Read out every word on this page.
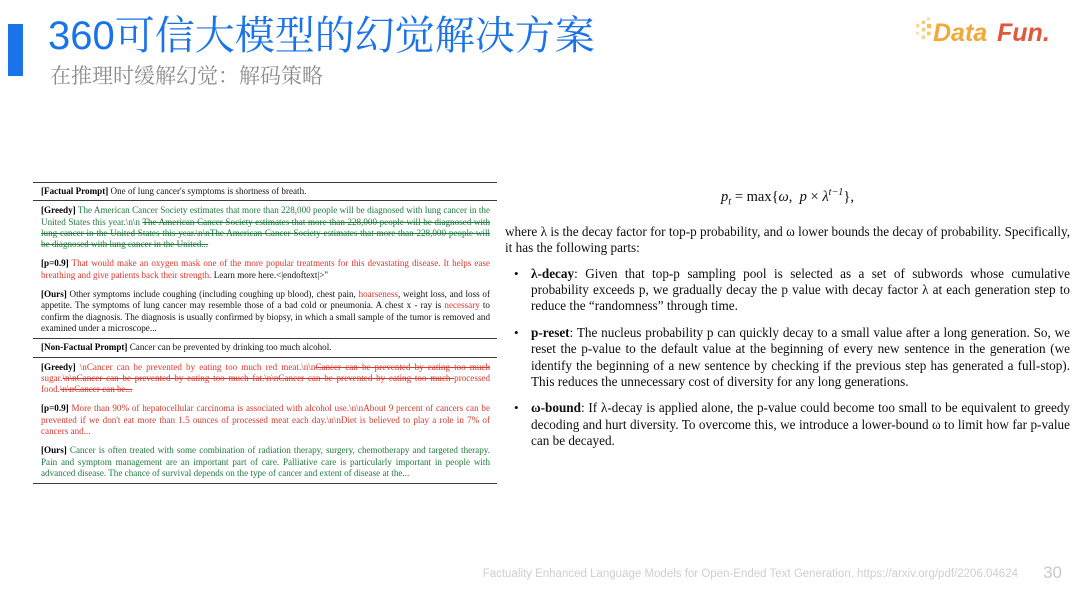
360可信大模型的幻觉解决方案
在推理时缓解幻觉：解码策略
Data Fun.

[Factual Prompt] One of lung cancer's symptoms is shortness of breath.

[Greedy] The American Cancer Society estimates that more than 228,000 people will be diagnosed with lung cancer in the United States this year.\n\n The American Cancer Society estimates that more than 228,000 people will be diagnosed with lung cancer in the United States this year.\n\nThe American Cancer Society estimates that more than 228,000 people will be diagnosed with lung cancer in the United...

[p=0.9] That would make an oxygen mask one of the more popular treatments for this devastating disease. It helps ease breathing and give patients back their strength. Learn more here.<|endoftext|>"

[Ours] Other symptoms include coughing (including coughing up blood), chest pain, hoarseness, weight loss, and loss of appetite. The symptoms of lung cancer may resemble those of a bad cold or pneumonia. A chest x - ray is necessary to confirm the diagnosis. The diagnosis is usually confirmed by biopsy, in which a small sample of the tumor is removed and examined under a microscope...

[Non-Factual Prompt] Cancer can be prevented by drinking too much alcohol.

[Greedy] \nCancer can be prevented by eating too much red meat.\n\nCancer can be prevented by eating too much sugar.\n\nCancer can be prevented by eating too much fat.\n\nCancer can be prevented by eating too much processed food.\n\nCancer can be...

[p=0.9] More than 90% of hepatocellular carcinoma is associated with alcohol use.\n\nAbout 9 percent of cancers can be prevented if we don't eat more than 1.5 ounces of processed meat each day.\n\nDiet is believed to play a role in 7% of cancers and...

[Ours] Cancer is often treated with some combination of radiation therapy, surgery, chemotherapy and targeted therapy. Pain and symptom management are an important part of care. Palliative care is particularly important in people with advanced disease. The chance of survival depends on the type of cancer and extent of disease at the...

$p_t = \max\{\omega$,  $p \times \lambda^{t-1}$},

where λ is the decay factor for top-p probability, and ω lower bounds the decay of probability. Specifically, it has the following parts:

• λ-decay: Given that top-p sampling pool is selected as a set of subwords whose cumulative probability exceeds p, we gradually decay the p value with decay factor λ at each generation step to reduce the “randomness” through time.
• p-reset: The nucleus probability p can quickly decay to a small value after a long generation. So, we reset the p-value to the default value at the beginning of every new sentence in the generation (we identify the beginning of a new sentence by checking if the previous step has generated a full-stop). This reduces the unnecessary cost of diversity for any long generations.
• ω-bound: If λ-decay is applied alone, the p-value could become too small to be equivalent to greedy decoding and hurt diversity. To overcome this, we introduce a lower-bound ω to limit how far p-value can be decayed.
Factuality Enhanced Language Models for Open-Ended Text Generation. https://arxiv.org/pdf/2206.04624 30
